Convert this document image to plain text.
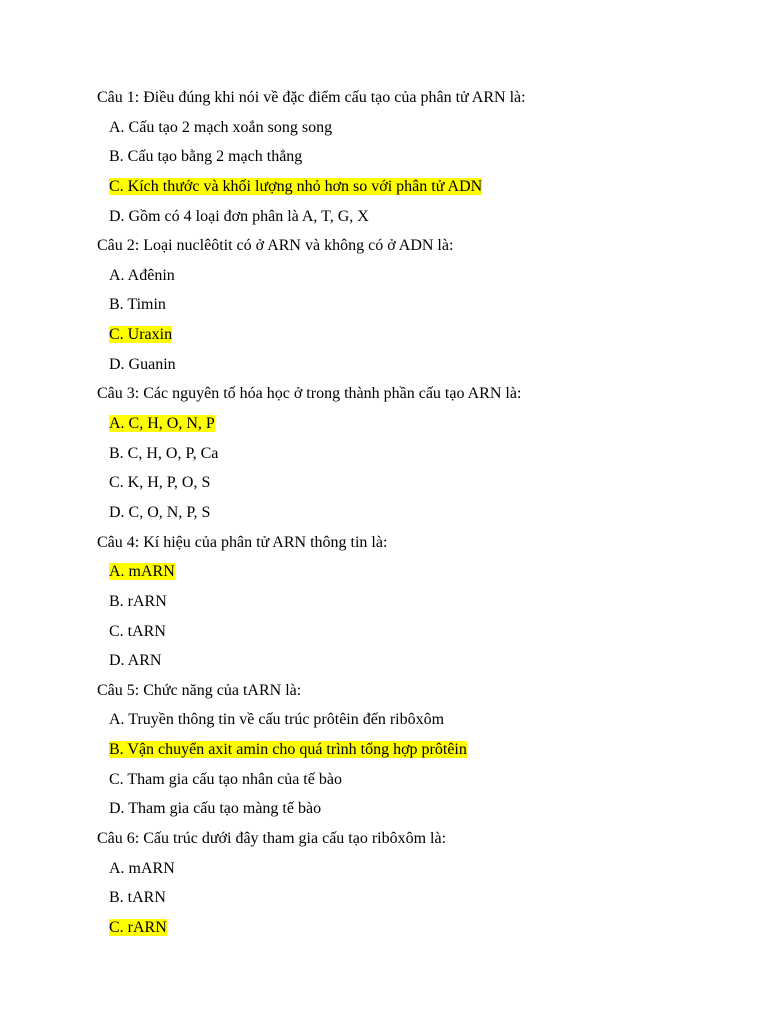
Câu 1: Điều đúng khi nói về đặc điểm cấu tạo của phân tử ARN là:
A. Cấu tạo 2 mạch xoắn song song
B. Cấu tạo bằng 2 mạch thẳng
C. Kích thước và khối lượng nhỏ hơn so với phân tử ADN
D. Gồm có 4 loại đơn phân là A, T, G, X
Câu 2: Loại nuclêôtit có ở ARN và không có ở ADN là:
A. Ađênin
B. Timin
C. Uraxin
D. Guanin
Câu 3: Các nguyên tố hóa học ở trong thành phần cấu tạo ARN là:
A. C, H, O, N, P
B. C, H, O, P, Ca
C. K, H, P, O, S
D. C, O, N, P, S
Câu 4: Kí hiệu của phân tử ARN thông tin là:
A. mARN
B. rARN
C. tARN
D. ARN
Câu 5: Chức năng của tARN là:
A. Truyền thông tin về cấu trúc prôtêin đến ribôxôm
B. Vận chuyển axit amin cho quá trình tổng hợp prôtêin
C. Tham gia cấu tạo nhân của tế bào
D. Tham gia cấu tạo màng tế bào
Câu 6: Cấu trúc dưới đây tham gia cấu tạo ribôxôm là:
A. mARN
B. tARN
C. rARN
